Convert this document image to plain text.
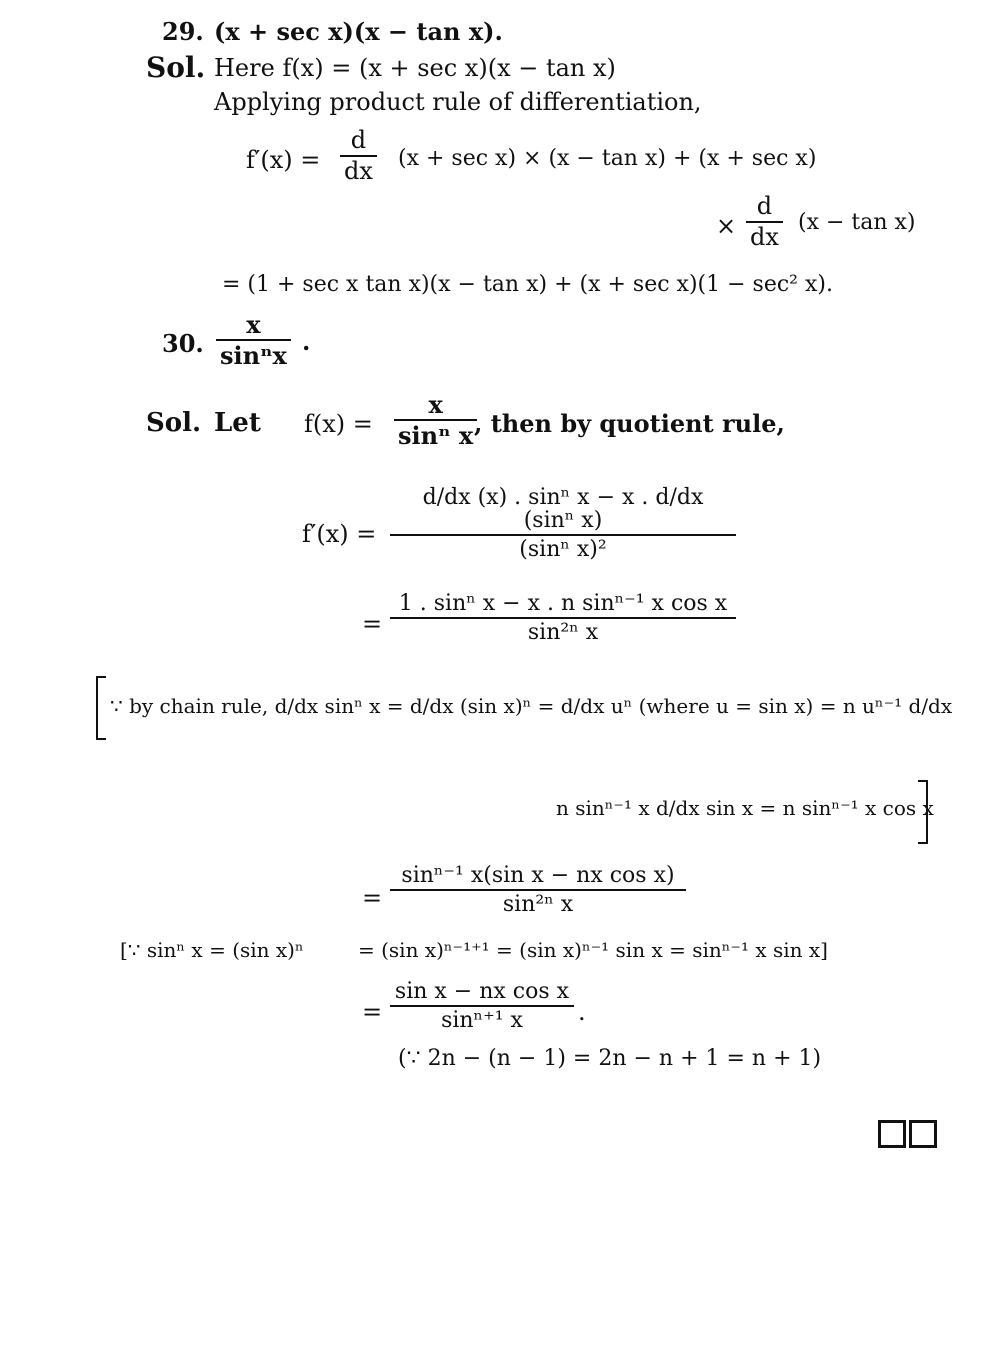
29. (x + sec x)(x − tan x).
Sol. Here f(x) = (x + sec x)(x − tan x)
Applying product rule of differentiation,
$f'(x) = \frac{d}{dx} (x + \sec x) \times (x - \tan x) + (x + \sec x)$
× $\frac{d}{dx} (x - \tan x)$
= (1 + sec x tan x)(x − tan x) + (x + sec x)(1 − sec² x).
30. $\frac{x}{\text{sinⁿx}}$ .
Sol. Let $f(x) = \frac{x}{\text{sinⁿ x}}$
, then by quotient rule,
$f'(x) = \frac{\text{d/dx (x) . sinⁿ x − x . d/dx (sinⁿ x)}}{\text{(sinⁿ x)²}}$
= $\frac{\text{1 . sinⁿ x − x . n sinⁿ⁻¹ x cos x}}{\text{sin²ⁿ x}}$
∵ by chain rule, d/dx sinⁿ x = d/dx (sin x)ⁿ = d/dx uⁿ (where u = sin x) = n uⁿ⁻¹ d/dx
n sinⁿ⁻¹ x d/dx sin x = n sinⁿ⁻¹ x cos x
= $\frac{\text{sinⁿ⁻¹ x(sin x − nx cos x)}}{\text{sin²ⁿ x}}$
[∵ sinⁿ x = (sin x)ⁿ	= (sin x)ⁿ⁻¹⁺¹ = (sin x)ⁿ⁻¹ sin x = sinⁿ⁻¹ x sin x]
= $\frac{\text{sin x − nx cos x}}{\text{sinⁿ⁺¹ x}}$ .
(∵ 2n − (n − 1) = 2n − n + 1 = n + 1)
